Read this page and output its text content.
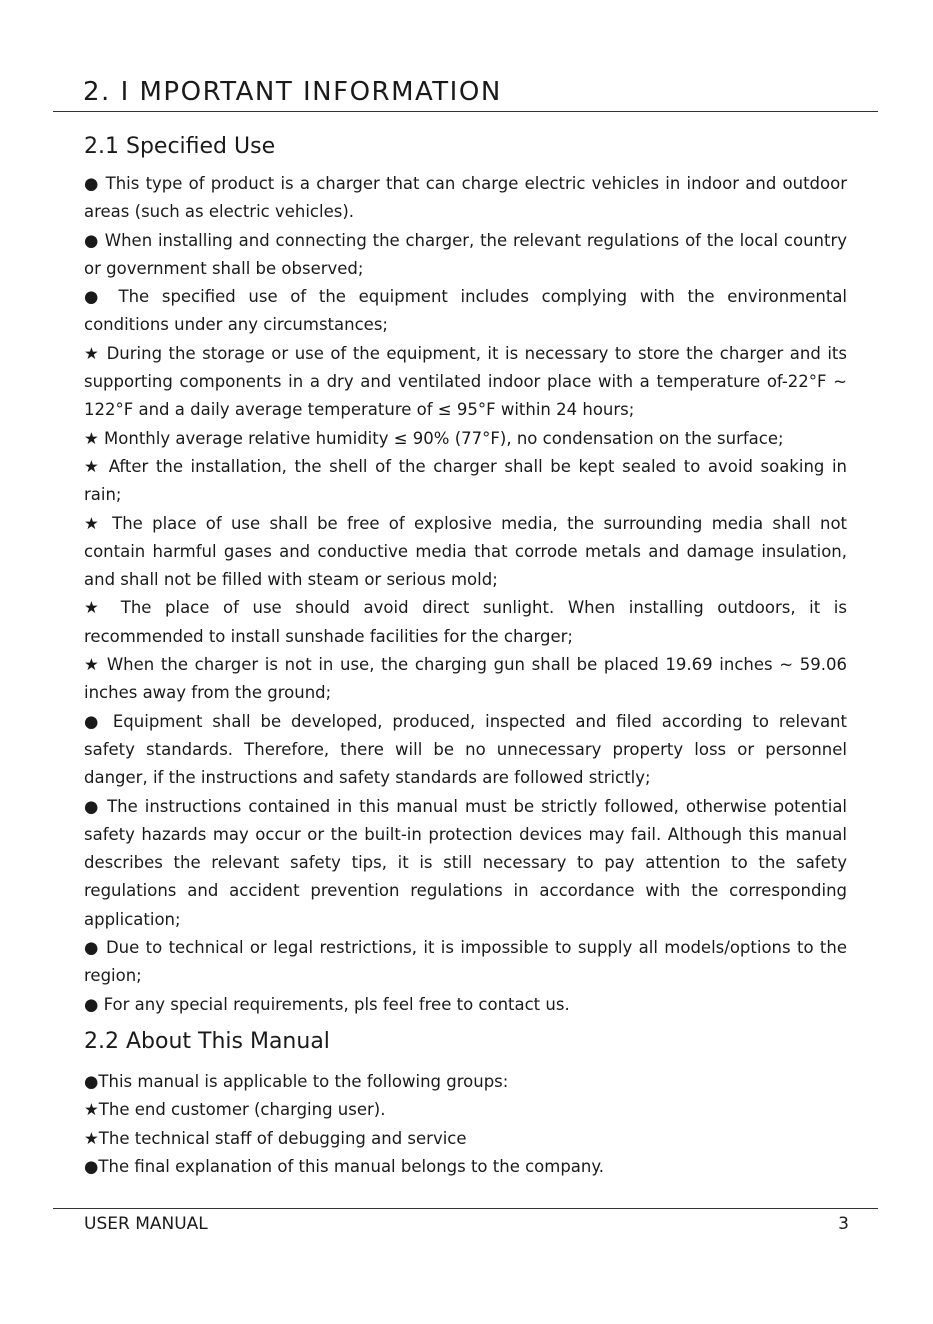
2. I MPORTANT INFORMATION
2.1 Specified Use
● This type of product is a charger that can charge electric vehicles in indoor and outdoor areas (such as electric vehicles).
● When installing and connecting the charger, the relevant regulations of the local country or government shall be observed;
● The specified use of the equipment includes complying with the environmental conditions under any circumstances;
★ During the storage or use of the equipment, it is necessary to store the charger and its supporting components in a dry and ventilated indoor place with a temperature of-22°F ~ 122°F and a daily average temperature of ≤ 95°F within 24 hours;
★ Monthly average relative humidity ≤ 90% (77°F), no condensation on the surface;
★ After the installation, the shell of the charger shall be kept sealed to avoid soaking in rain;
★ The place of use shall be free of explosive media, the surrounding media shall not contain harmful gases and conductive media that corrode metals and damage insulation, and shall not be filled with steam or serious mold;
★ The place of use should avoid direct sunlight. When installing outdoors, it is recommended to install sunshade facilities for the charger;
★ When the charger is not in use, the charging gun shall be placed 19.69 inches ~ 59.06 inches away from the ground;
● Equipment shall be developed, produced, inspected and filed according to relevant safety standards. Therefore, there will be no unnecessary property loss or personnel danger, if the instructions and safety standards are followed strictly;
● The instructions contained in this manual must be strictly followed, otherwise potential safety hazards may occur or the built-in protection devices may fail. Although this manual describes the relevant safety tips, it is still necessary to pay attention to the safety regulations and accident prevention regulations in accordance with the corresponding application;
● Due to technical or legal restrictions, it is impossible to supply all models/options to the region;
● For any special requirements, pls feel free to contact us.
2.2 About This Manual
●This manual is applicable to the following groups:
★The end customer (charging user).
★The technical staff of debugging and service
●The final explanation of this manual belongs to the company.
USER MANUAL	3
